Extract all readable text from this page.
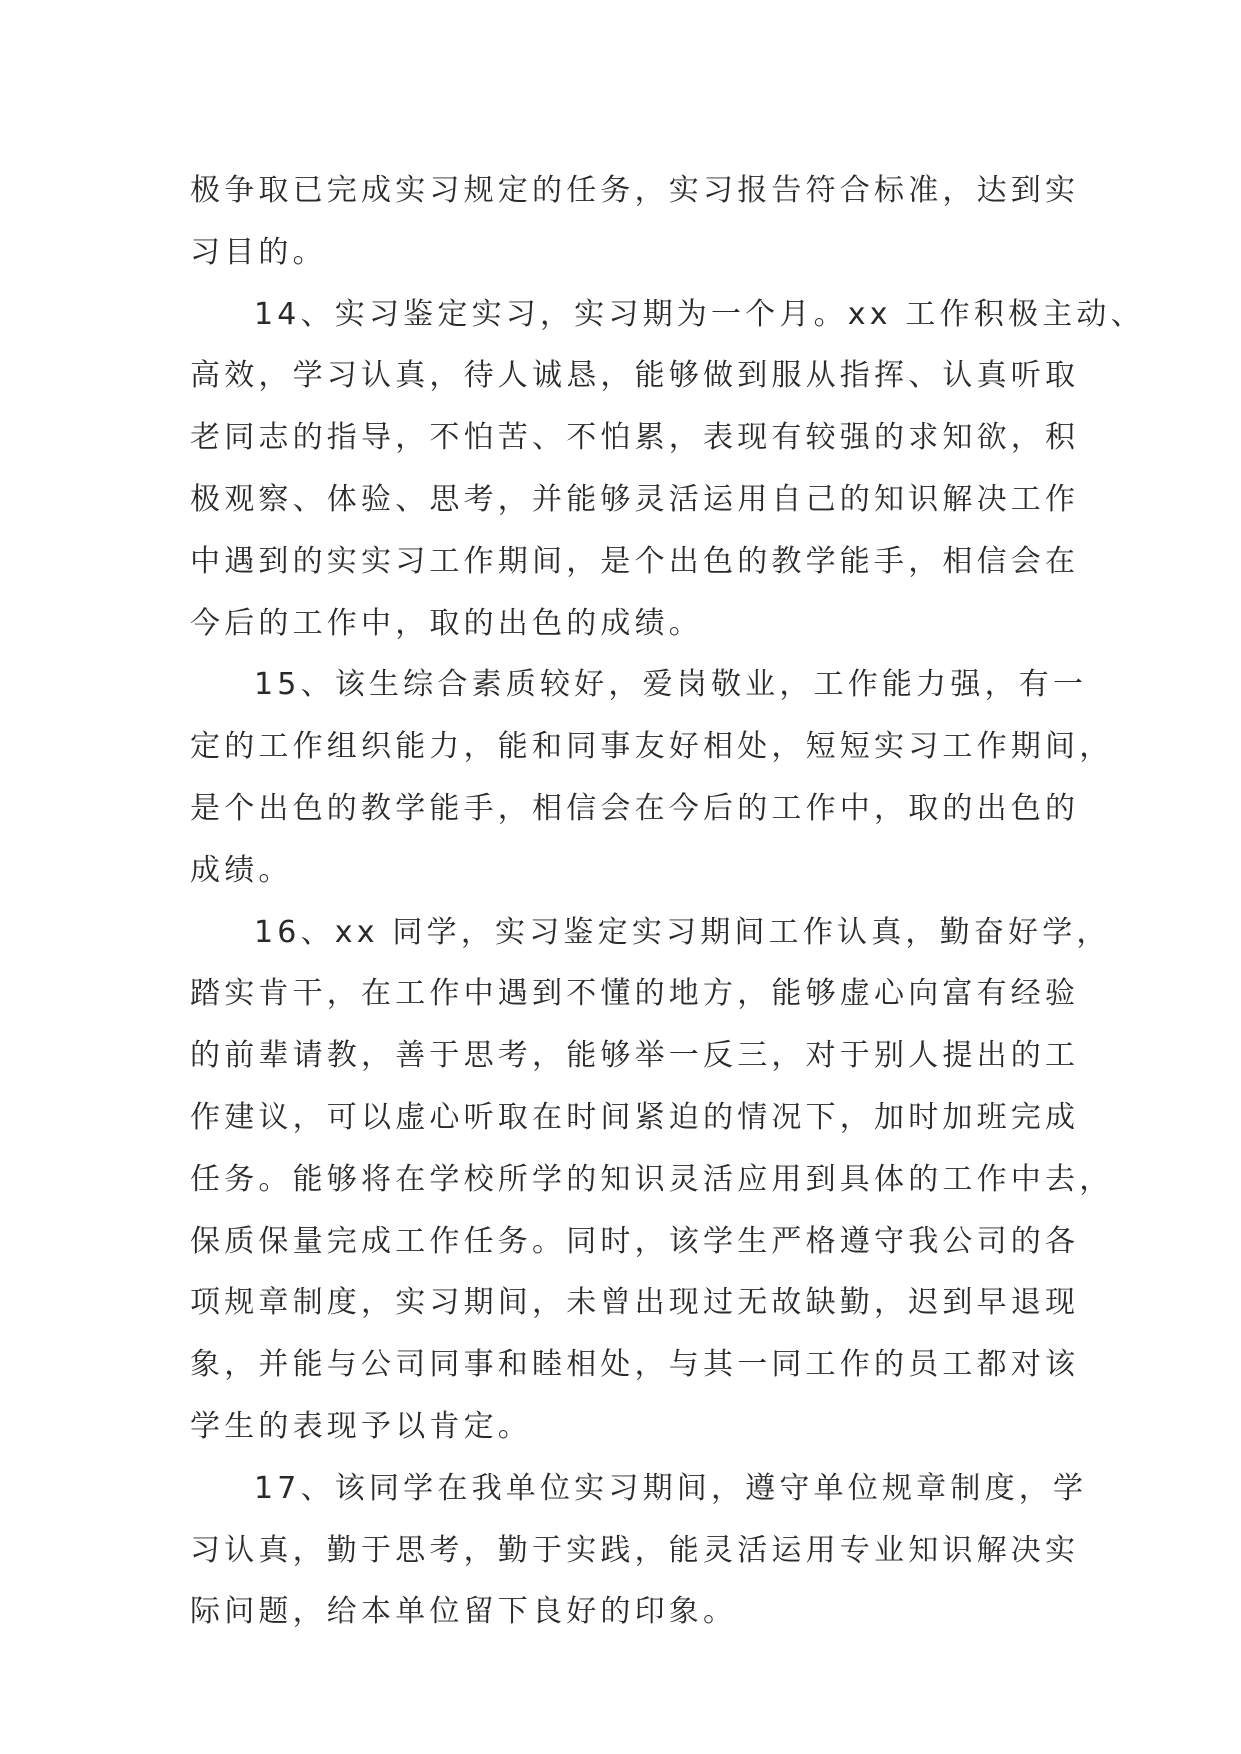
极争取已完成实习规定的任务，实习报告符合标准，达到实
习目的。
14、实习鉴定实习，实习期为一个月。xx 工作积极主动、
高效，学习认真，待人诚恳，能够做到服从指挥、认真听取
老同志的指导，不怕苦、不怕累，表现有较强的求知欲，积
极观察、体验、思考，并能够灵活运用自己的知识解决工作
中遇到的实实习工作期间，是个出色的教学能手，相信会在
今后的工作中，取的出色的成绩。
15、该生综合素质较好，爱岗敬业，工作能力强，有一
定的工作组织能力，能和同事友好相处，短短实习工作期间，
是个出色的教学能手，相信会在今后的工作中，取的出色的
成绩。
16、xx 同学，实习鉴定实习期间工作认真，勤奋好学，
踏实肯干，在工作中遇到不懂的地方，能够虚心向富有经验
的前辈请教，善于思考，能够举一反三，对于别人提出的工
作建议，可以虚心听取在时间紧迫的情况下，加时加班完成
任务。能够将在学校所学的知识灵活应用到具体的工作中去，
保质保量完成工作任务。同时，该学生严格遵守我公司的各
项规章制度，实习期间，未曾出现过无故缺勤，迟到早退现
象，并能与公司同事和睦相处，与其一同工作的员工都对该
学生的表现予以肯定。
17、该同学在我单位实习期间，遵守单位规章制度，学
习认真，勤于思考，勤于实践，能灵活运用专业知识解决实
际问题，给本单位留下良好的印象。
